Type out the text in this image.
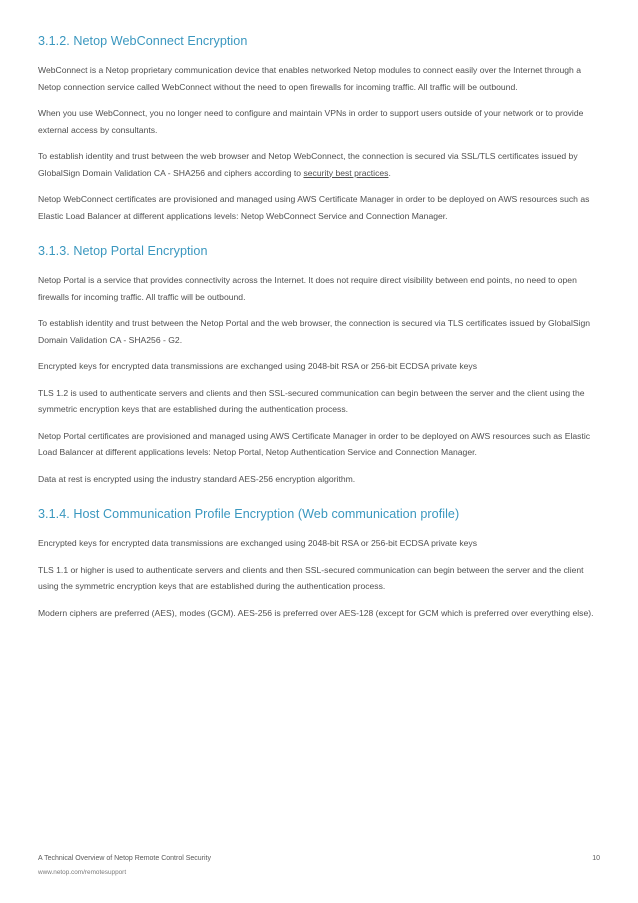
3.1.2. Netop WebConnect Encryption

WebConnect is a Netop proprietary communication device that enables networked Netop modules to connect easily over the Internet through a Netop connection service called WebConnect without the need to open firewalls for incoming traffic. All traffic will be outbound.

When you use WebConnect, you no longer need to configure and maintain VPNs in order to support users outside of your network or to provide external access by consultants.

To establish identity and trust between the web browser and Netop WebConnect, the connection is secured via SSL/TLS certificates issued by GlobalSign Domain Validation CA - SHA256 and ciphers according to security best practices.

Netop WebConnect certificates are provisioned and managed using AWS Certificate Manager in order to be deployed on AWS resources such as Elastic Load Balancer at different applications levels: Netop WebConnect Service and Connection Manager.

3.1.3. Netop Portal Encryption

Netop Portal is a service that provides connectivity across the Internet. It does not require direct visibility between end points, no need to open firewalls for incoming traffic. All traffic will be outbound.

To establish identity and trust between the Netop Portal and the web browser, the connection is secured via TLS certificates issued by GlobalSign Domain Validation CA - SHA256 - G2.

Encrypted keys for encrypted data transmissions are exchanged using 2048-bit RSA or 256-bit ECDSA private keys

TLS 1.2 is used to authenticate servers and clients and then SSL-secured communication can begin between the server and the client using the symmetric encryption keys that are established during the authentication process.

Netop Portal certificates are provisioned and managed using AWS Certificate Manager in order to be deployed on AWS resources such as Elastic Load Balancer at different applications levels: Netop Portal, Netop Authentication Service and Connection Manager.

Data at rest is encrypted using the industry standard AES-256 encryption algorithm.

3.1.4. Host Communication Profile Encryption (Web communication profile)

Encrypted keys for encrypted data transmissions are exchanged using 2048-bit RSA or 256-bit ECDSA private keys

TLS 1.1 or higher is used to authenticate servers and clients and then SSL-secured communication can begin between the server and the client using the symmetric encryption keys that are established during the authentication process.

Modern ciphers are preferred (AES), modes (GCM). AES-256 is preferred over AES-128 (except for GCM which is preferred over everything else).

A Technical Overview of Netop Remote Control Security	10
www.netop.com/remotesupport
